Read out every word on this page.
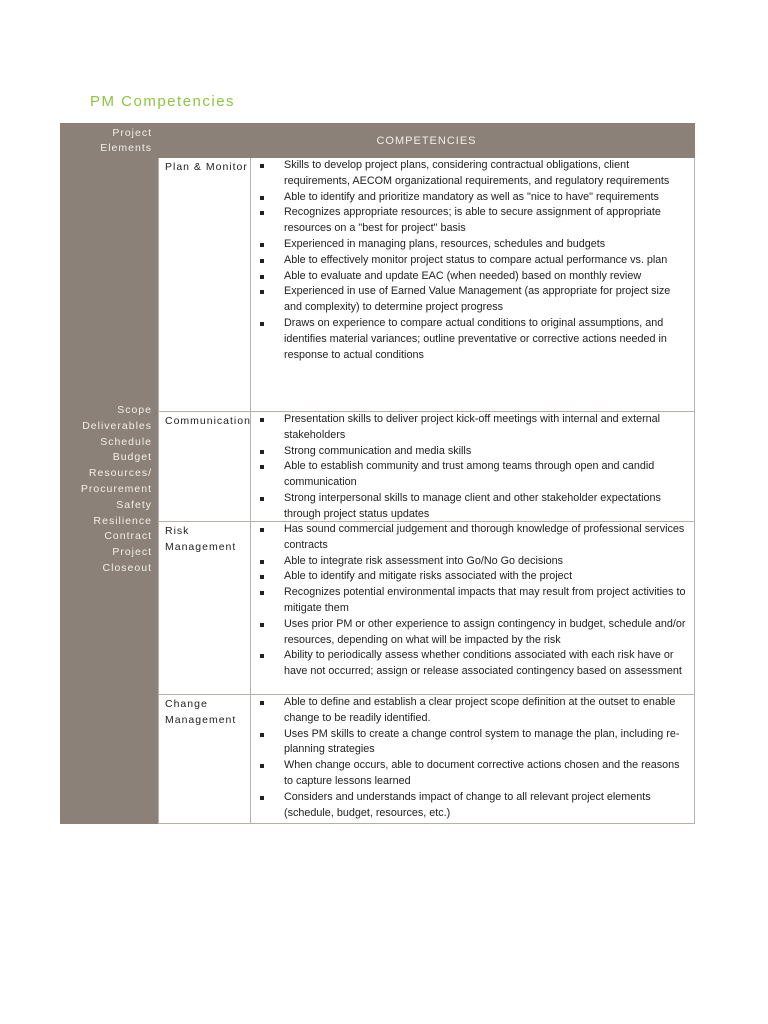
PM Competencies
Project
Elements
COMPETENCIES
Scope
Deliverables
Schedule
Budget
Resources/
Procurement
Safety
Resilience
Contract
Project
Closeout
Plan & Monitor	Skills to develop project plans, considering contractual obligations, client requirements, AECOM organizational requirements, and regulatory requirements
Able to identify and prioritize mandatory as well as "nice to have" requirements
Recognizes appropriate resources; is able to secure assignment of appropriate resources on a "best for project" basis
Experienced in managing plans, resources, schedules and budgets
Able to effectively monitor project status to compare actual performance vs. plan
Able to evaluate and update EAC (when needed) based on monthly review
Experienced in use of Earned Value Management (as appropriate for project size and complexity) to determine project progress
Draws on experience to compare actual conditions to original assumptions, and identifies material variances; outline preventative or corrective actions needed in response to actual conditions
Communication	Presentation skills to deliver project kick-off meetings with internal and external stakeholders
Strong communication and media skills
Able to establish community and trust among teams through open and candid communication
Strong interpersonal skills to manage client and other stakeholder expectations through project status updates
Risk
Management
Has sound commercial judgement and thorough knowledge of professional services contracts
Able to integrate risk assessment into Go/No Go decisions
Able to identify and mitigate risks associated with the project
Recognizes potential environmental impacts that may result from project activities to mitigate them
Uses prior PM or other experience to assign contingency in budget, schedule and/or resources, depending on what will be impacted by the risk
Ability to periodically assess whether conditions associated with each risk have or have not occurred; assign or release associated contingency based on assessment
Change
Management
Able to define and establish a clear project scope definition at the outset to enable change to be readily identified.
Uses PM skills to create a change control system to manage the plan, including re-planning strategies
When change occurs, able to document corrective actions chosen and the reasons to capture lessons learned
Considers and understands impact of change to all relevant project elements (schedule, budget, resources, etc.)
